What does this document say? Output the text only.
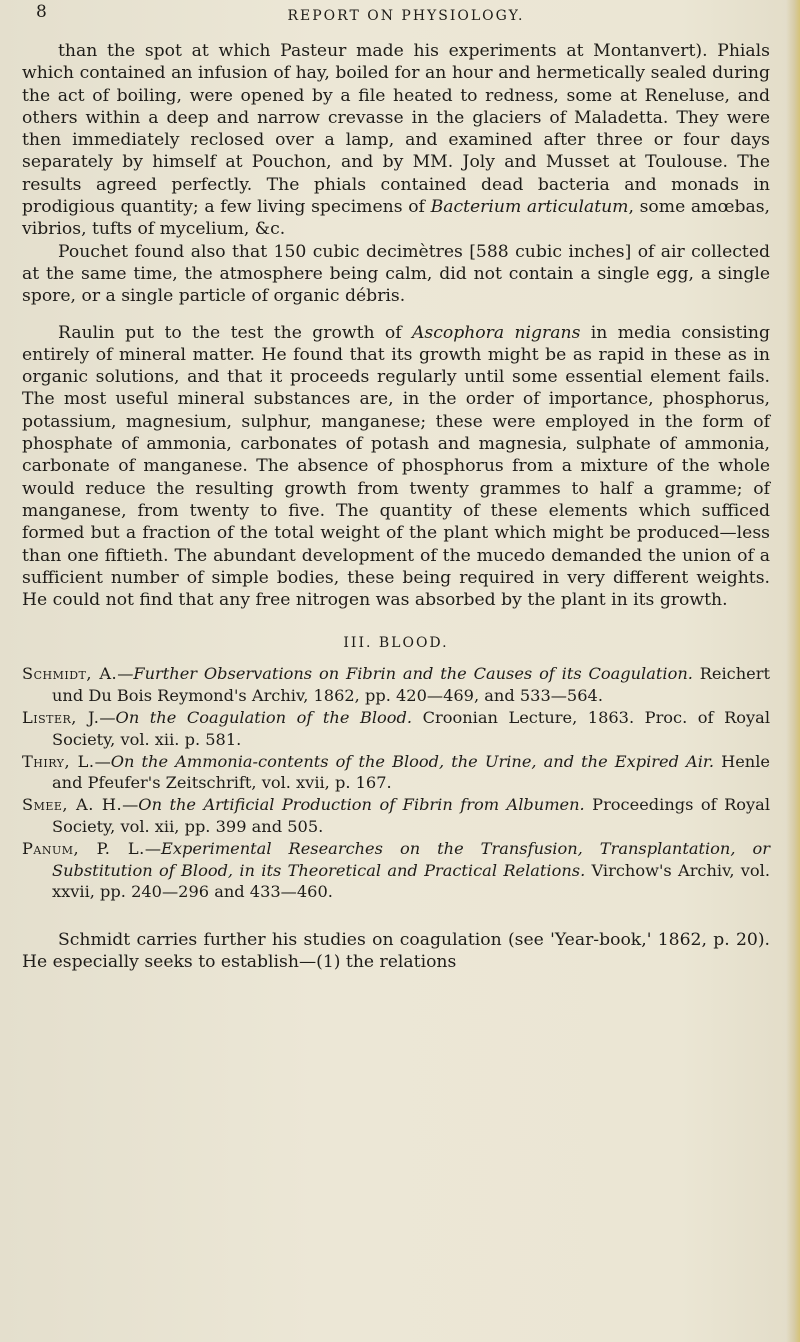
8	REPORT ON PHYSIOLOGY.

than the spot at which Pasteur made his experiments at Montanvert). Phials which contained an infusion of hay, boiled for an hour and hermetically sealed during the act of boiling, were opened by a file heated to redness, some at Reneluse, and others within a deep and narrow crevasse in the glaciers of Maladetta. They were then immediately reclosed over a lamp, and examined after three or four days separately by himself at Pouchon, and by MM. Joly and Musset at Toulouse. The results agreed perfectly. The phials contained dead bacteria and monads in prodigious quantity; a few living specimens of Bacterium articulatum, some amœbas, vibrios, tufts of mycelium, &c.

Pouchet found also that 150 cubic decimètres [588 cubic inches] of air collected at the same time, the atmosphere being calm, did not contain a single egg, a single spore, or a single particle of organic débris.

Raulin put to the test the growth of Ascophora nigrans in media consisting entirely of mineral matter. He found that its growth might be as rapid in these as in organic solutions, and that it proceeds regularly until some essential element fails. The most useful mineral substances are, in the order of importance, phosphorus, potassium, magnesium, sulphur, manganese; these were employed in the form of phosphate of ammonia, carbonates of potash and magnesia, sulphate of ammonia, carbonate of manganese. The absence of phosphorus from a mixture of the whole would reduce the resulting growth from twenty grammes to half a gramme; of manganese, from twenty to five. The quantity of these elements which sufficed formed but a fraction of the total weight of the plant which might be produced—less than one fiftieth. The abundant development of the mucedo demanded the union of a sufficient number of simple bodies, these being required in very different weights. He could not find that any free nitrogen was absorbed by the plant in its growth.

III. BLOOD.

Schmidt, A.—Further Observations on Fibrin and the Causes of its Coagulation. Reichert und Du Bois Reymond's Archiv, 1862, pp. 420—469, and 533—564.

Lister, J.—On the Coagulation of the Blood. Croonian Lecture, 1863. Proc. of Royal Society, vol. xii. p. 581.

Thiry, L.—On the Ammonia-contents of the Blood, the Urine, and the Expired Air. Henle and Pfeufer's Zeitschrift, vol. xvii, p. 167.

Smee, A. H.—On the Artificial Production of Fibrin from Albumen. Proceedings of Royal Society, vol. xii, pp. 399 and 505.

Panum, P. L.—Experimental Researches on the Transfusion, Transplantation, or Substitution of Blood, in its Theoretical and Practical Relations. Virchow's Archiv, vol. xxvii, pp. 240—296 and 433—460.

Schmidt carries further his studies on coagulation (see 'Year-book,' 1862, p. 20). He especially seeks to establish—(1) the relations
